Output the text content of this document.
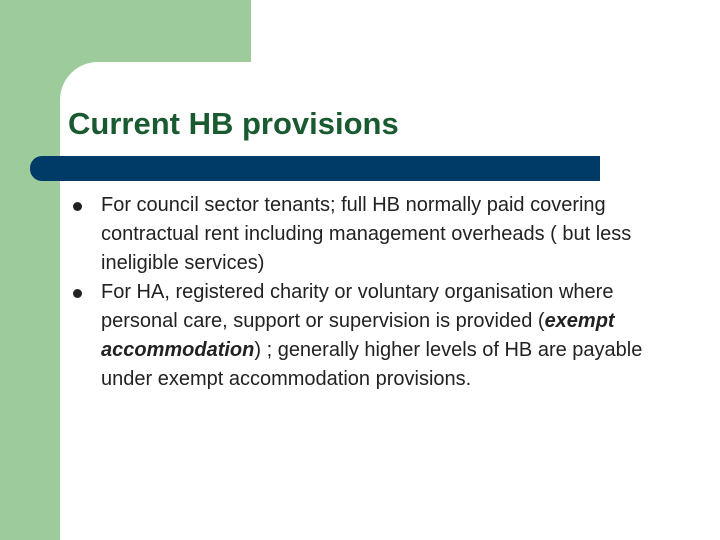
Current HB provisions
For council sector tenants; full HB normally paid covering contractual rent including management overheads ( but less ineligible services)
For HA, registered charity or voluntary organisation where personal care, support or supervision is provided (exempt accommodation) ; generally higher levels of HB are payable under exempt accommodation provisions.
